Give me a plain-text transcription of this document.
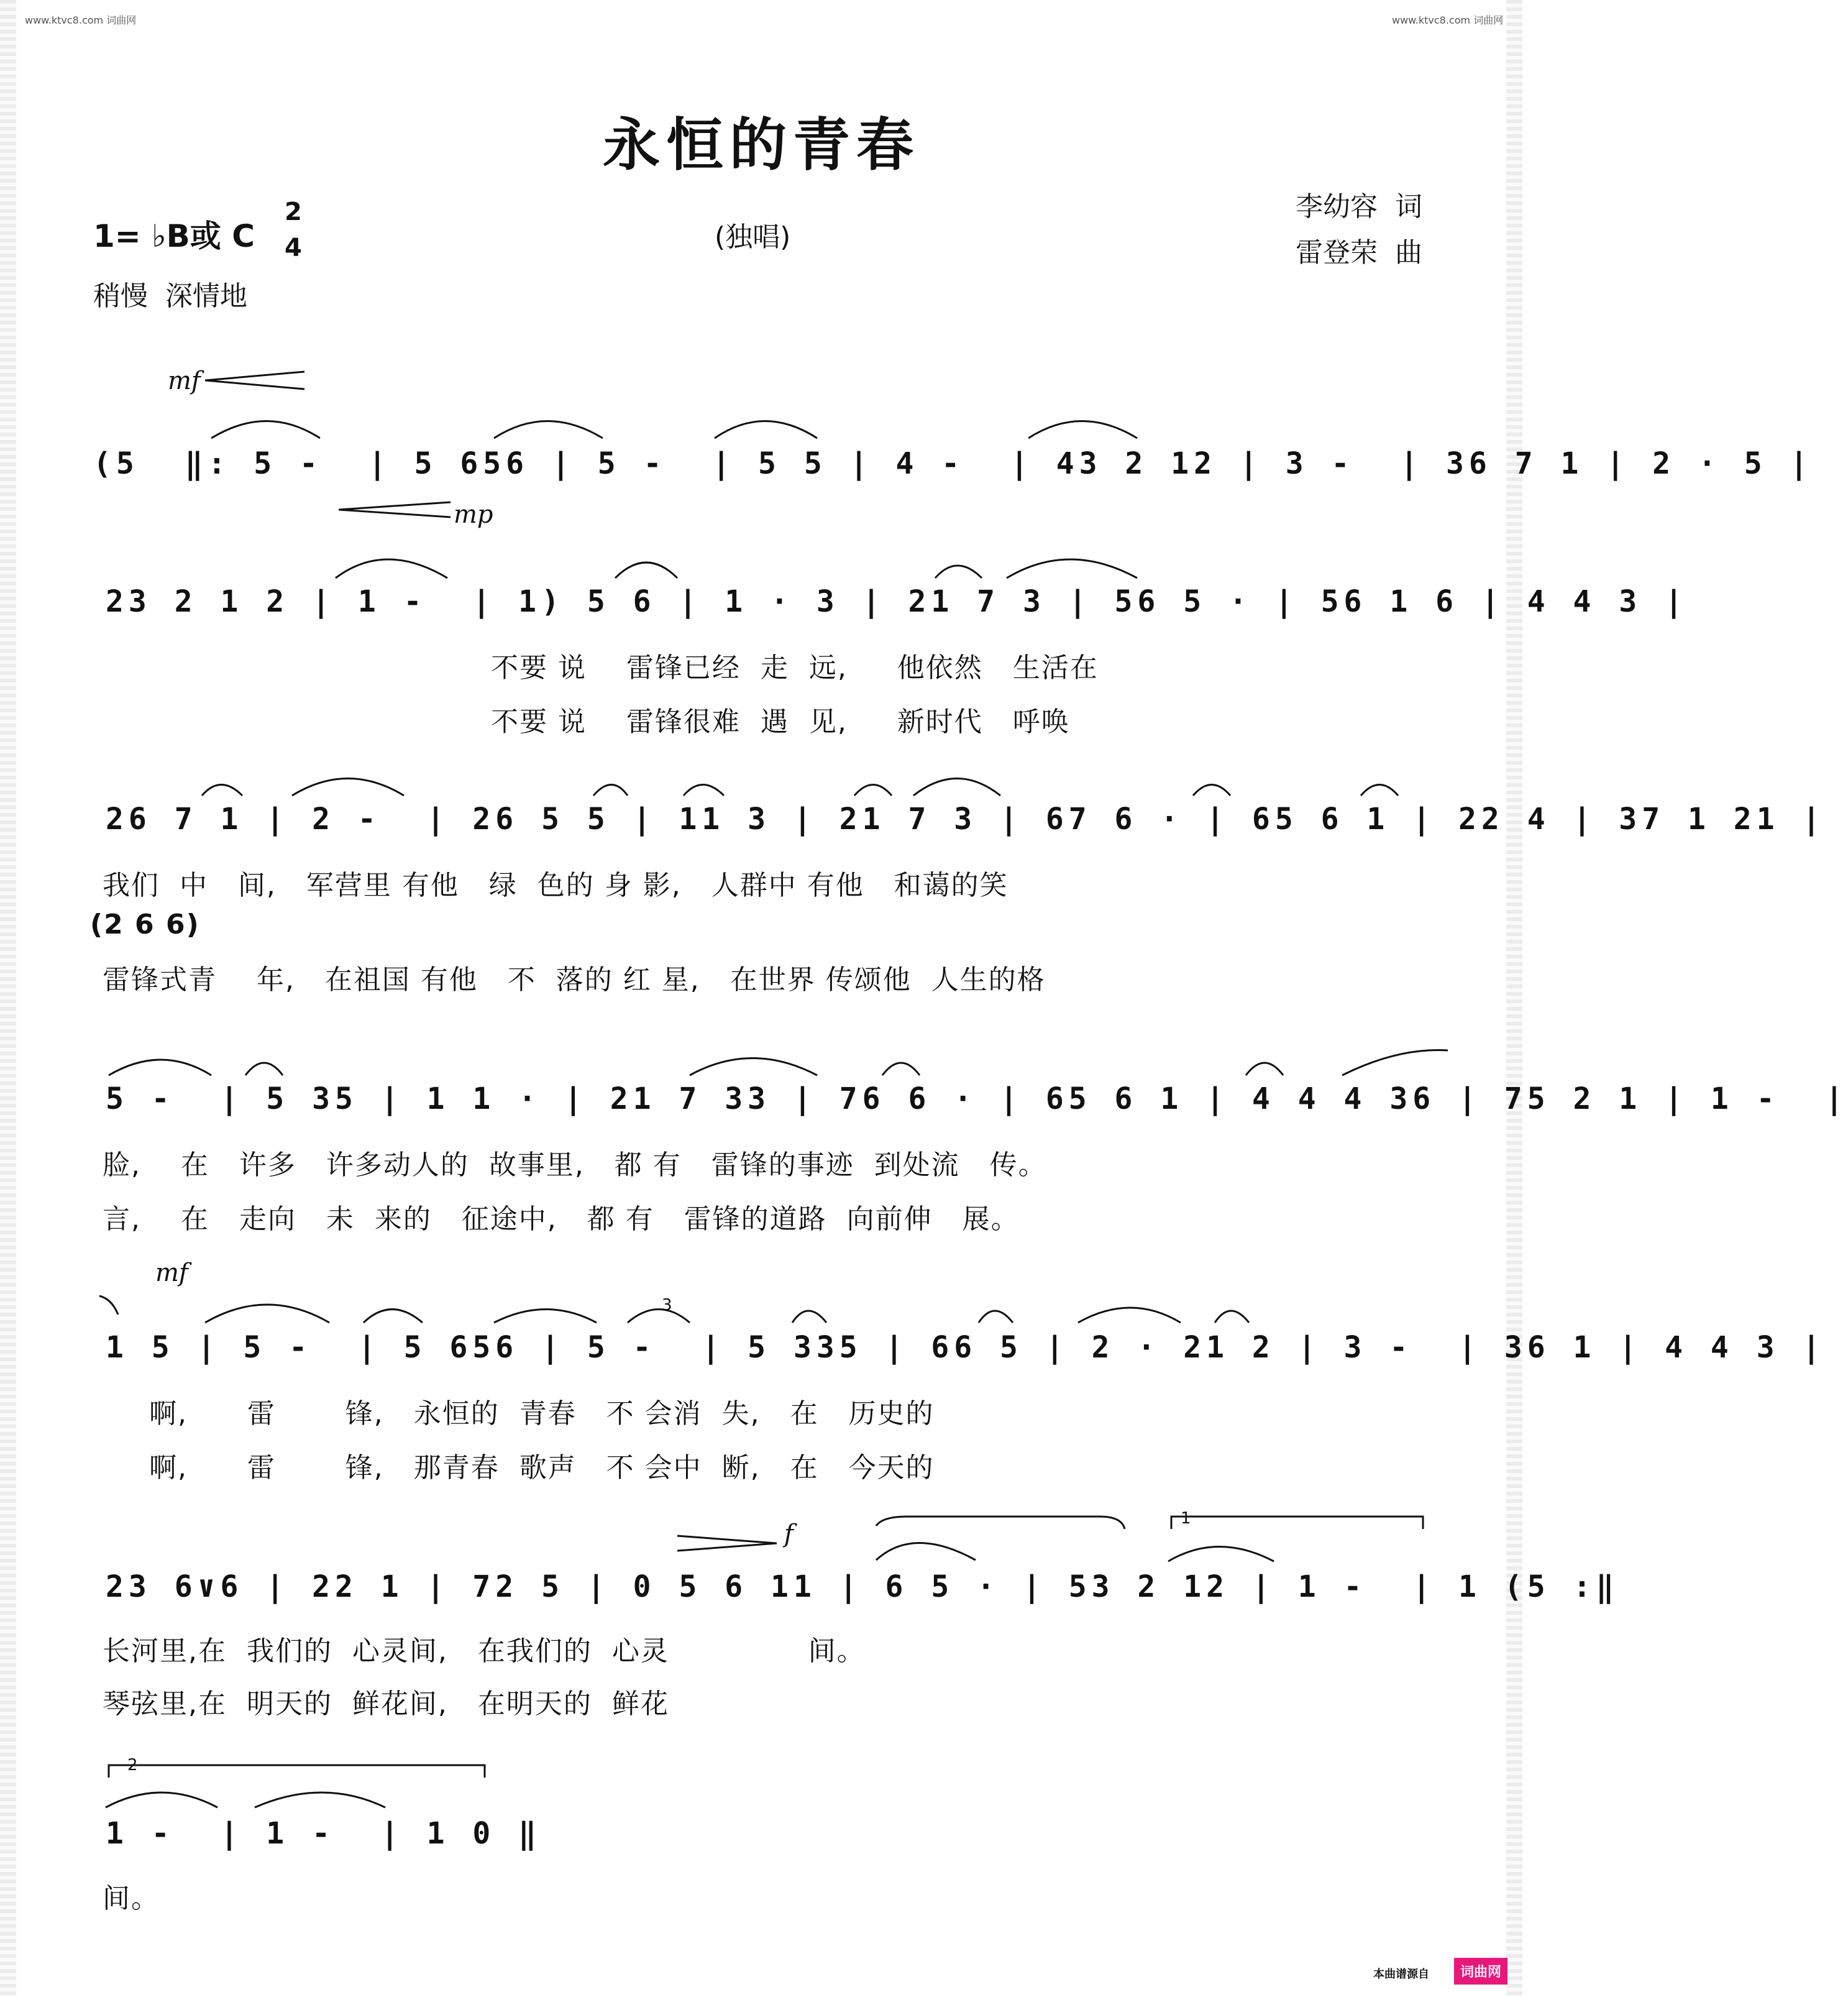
www.ktvc8.com 词曲网	www.ktvc8.com 词曲网
永恒的青春
1= ♭B或 C
2
4	(独唱)
稍慢  深情地
李幼容  词
雷登荣  曲
mf
mp
mf
f
(5  ‖: 5 -  | 5 656 | 5 -  | 5 5 | 4 -  | 43 2 12 | 3 -  | 36 7 1 | 2 · 5 |
23 2 1 2 | 1 -  | 1) 5 6 | 1 · 3 | 21 7 3 | 56 5 · | 56 1 6 | 4 4 3 |
不要 说    雷锋已经  走  远,     他依然   生活在
不要 说    雷锋很难  遇  见,     新时代   呼唤
26 7 1 | 2 -  | 26 5 5 | 11 3 | 21 7 3 | 67 6 · | 65 6 1 | 22 4 | 37 1 21 |
我们  中   间,   军营里 有他   绿  色的 身 影,   人群中 有他   和蔼的笑
(2 6 6)
雷锋式青    年,   在祖国 有他   不  落的 红 星,   在世界 传颂他  人生的格
5 -  | 5 35 | 1 1 · | 21 7 33 | 76 6 · | 65 6 1 | 4 4 4 36 | 75 2 1 | 1 -  |
脸,    在   许多   许多动人的  故事里,   都 有   雷锋的事迹  到处流   传。
言,    在   走向   未  来的   征途中,   都 有   雷锋的道路  向前伸   展。
1 5 | 5 -  | 5 656 | 5 -  | 5 335 | 66 5 | 2 · 21 2 | 3 -  | 36 1 | 4 4 3 |
3
啊,      雷       锋,   永恒的  青春   不 会消  失,   在   历史的
啊,      雷       锋,   那青春  歌声   不 会中  断,   在   今天的
23 6∨6 | 22 1 | 72 5 | 0 5 6 11 | 6 5 · | 53 2 12 | 1 -  | 1 (5 :‖
1
长河里,在  我们的  心灵间,   在我们的  心灵              间。
琴弦里,在  明天的  鲜花间,   在明天的  鲜花
1 -  | 1 -  | 1 0 ‖
2
间。
本曲谱源自	词曲网
